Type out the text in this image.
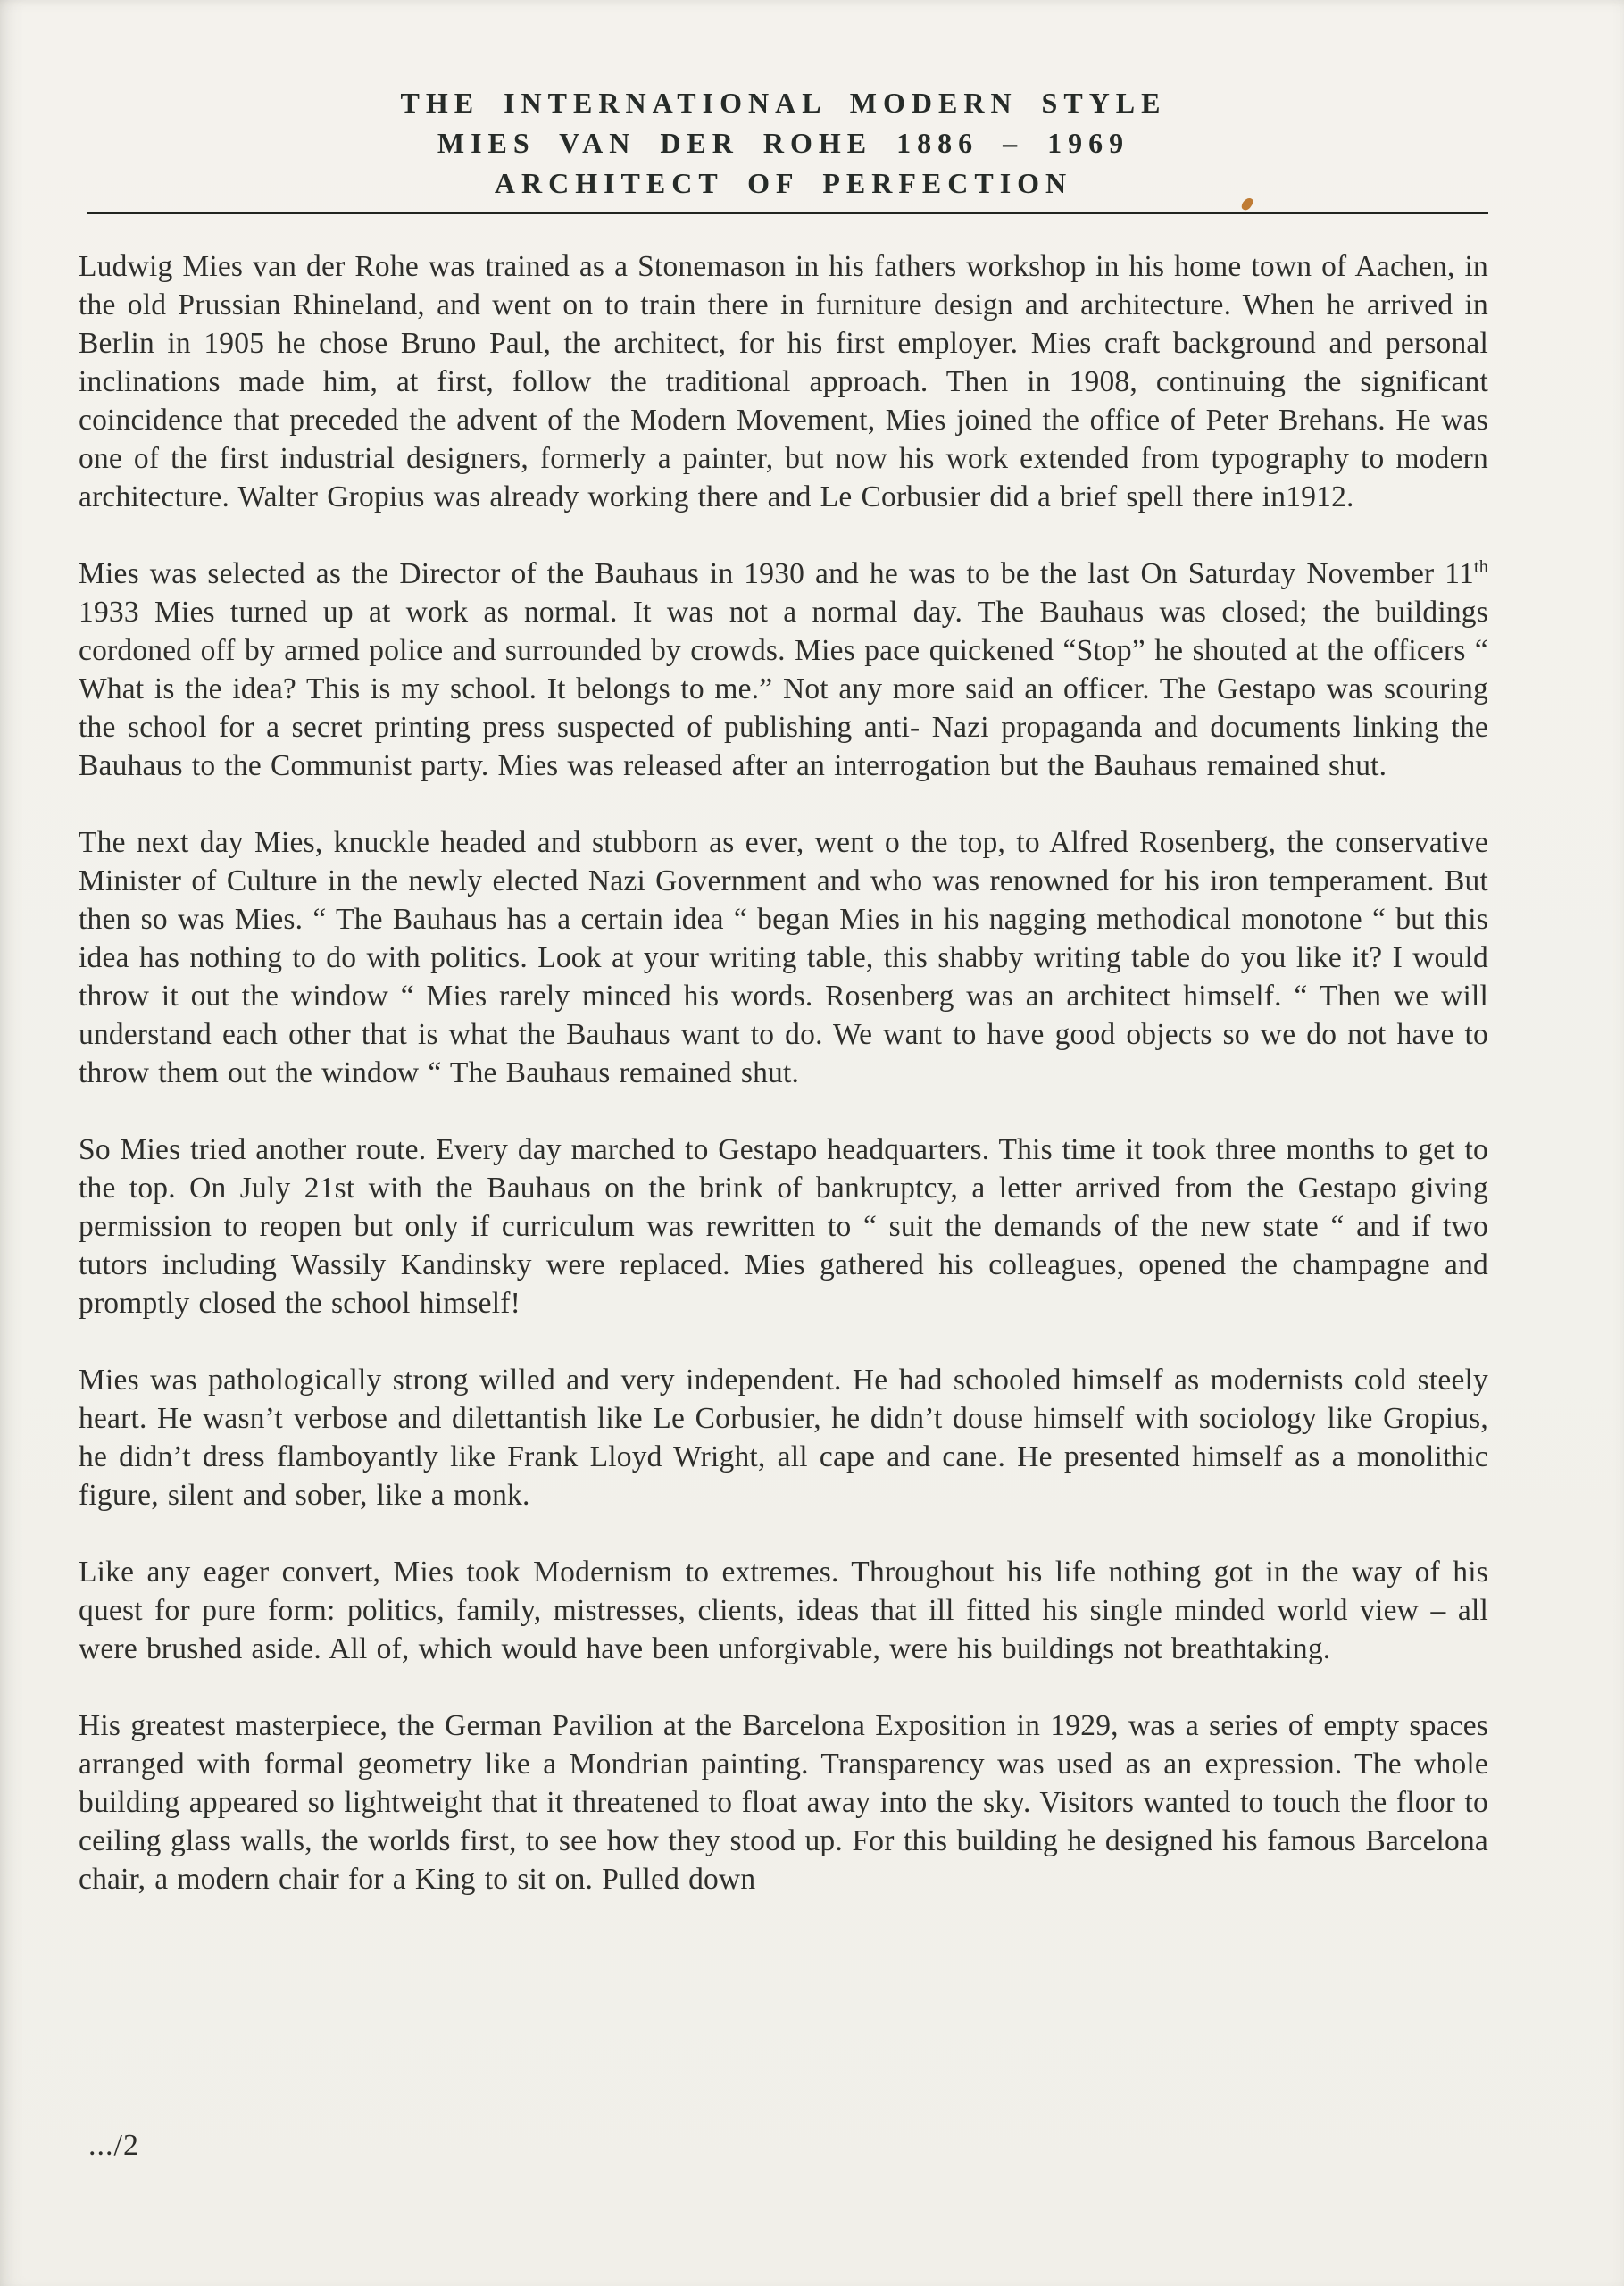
THE INTERNATIONAL MODERN STYLE
MIES VAN DER ROHE 1886 – 1969
ARCHITECT OF PERFECTION

Ludwig Mies van der Rohe was trained as a Stonemason in his fathers workshop in his home town of Aachen, in the old Prussian Rhineland, and went on to train there in furniture design and architecture. When he arrived in Berlin in 1905 he chose Bruno Paul, the architect, for his first employer. Mies craft background and personal inclinations made him, at first, follow the traditional approach. Then in 1908, continuing the significant coincidence that preceded the advent of the Modern Movement, Mies joined the office of Peter Brehans. He was one of the first industrial designers, formerly a painter, but now his work extended from typography to modern architecture. Walter Gropius was already working there and Le Corbusier did a brief spell there in1912.

Mies was selected as the Director of the Bauhaus in 1930 and he was to be the last On Saturday November 11th 1933 Mies turned up at work as normal. It was not a normal day. The Bauhaus was closed; the buildings cordoned off by armed police and surrounded by crowds. Mies pace quickened “Stop” he shouted at the officers “ What is the idea? This is my school. It belongs to me.” Not any more said an officer. The Gestapo was scouring the school for a secret printing press suspected of publishing anti- Nazi propaganda and documents linking the Bauhaus to the Communist party. Mies was released after an interrogation but the Bauhaus remained shut.

The next day Mies, knuckle headed and stubborn as ever, went o the top, to Alfred Rosenberg, the conservative Minister of Culture in the newly elected Nazi Government and who was renowned for his iron temperament. But then so was Mies. “ The Bauhaus has a certain idea “ began Mies in his nagging methodical monotone “ but this idea has nothing to do with politics. Look at your writing table, this shabby writing table do you like it? I would throw it out the window “ Mies rarely minced his words. Rosenberg was an architect himself. “ Then we will understand each other that is what the Bauhaus want to do. We want to have good objects so we do not have to throw them out the window “ The Bauhaus remained shut.

So Mies tried another route. Every day marched to Gestapo headquarters. This time it took three months to get to the top. On July 21st with the Bauhaus on the brink of bankruptcy, a letter arrived from the Gestapo giving permission to reopen but only if curriculum was rewritten to “ suit the demands of the new state “ and if two tutors including Wassily Kandinsky were replaced. Mies gathered his colleagues, opened the champagne and promptly closed the school himself!

Mies was pathologically strong willed and very independent. He had schooled himself as modernists cold steely heart. He wasn’t verbose and dilettantish like Le Corbusier, he didn’t douse himself with sociology like Gropius, he didn’t dress flamboyantly like Frank Lloyd Wright, all cape and cane. He presented himself as a monolithic figure, silent and sober, like a monk.

Like any eager convert, Mies took Modernism to extremes. Throughout his life nothing got in the way of his quest for pure form: politics, family, mistresses, clients, ideas that ill fitted his single minded world view – all were brushed aside. All of, which would have been unforgivable, were his buildings not breathtaking.

His greatest masterpiece, the German Pavilion at the Barcelona Exposition in 1929, was a series of empty spaces arranged with formal geometry like a Mondrian painting. Transparency was used as an expression. The whole building appeared so lightweight that it threatened to float away into the sky. Visitors wanted to touch the floor to ceiling glass walls, the worlds first, to see how they stood up. For this building he designed his famous Barcelona chair, a modern chair for a King to sit on. Pulled down

.../2
